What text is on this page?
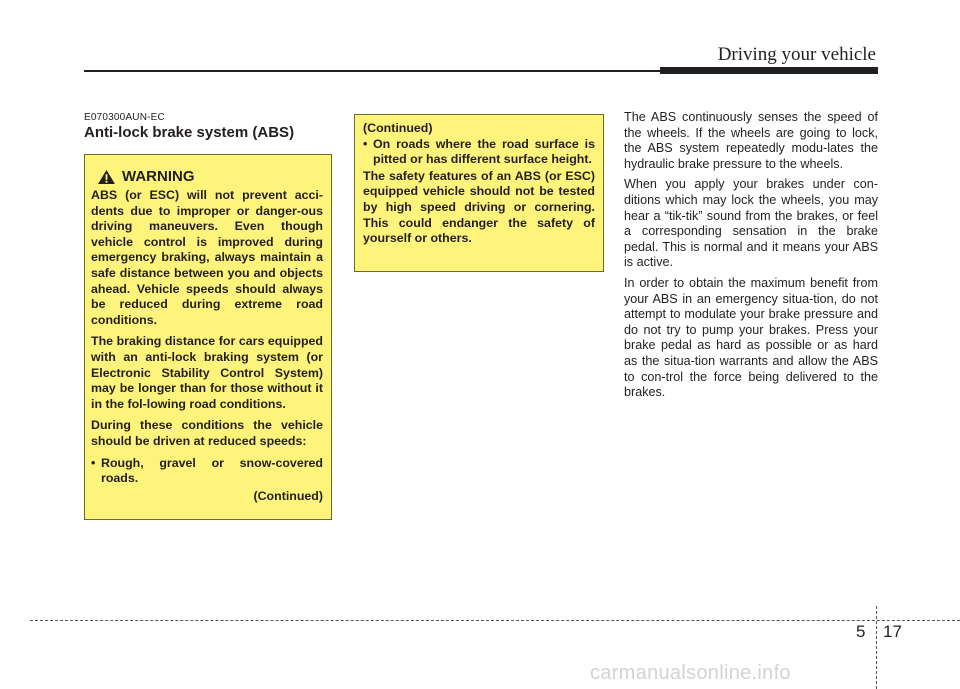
Driving your vehicle
E070300AUN-EC
Anti-lock brake system (ABS)
WARNING

ABS (or ESC) will not prevent acci-dents due to improper or danger-ous driving maneuvers. Even though vehicle control is improved during emergency braking, always maintain a safe distance between you and objects ahead. Vehicle speeds should always be reduced during extreme road conditions.

The braking distance for cars equipped with an anti-lock braking system (or Electronic Stability Control System) may be longer than for those without it in the fol-lowing road conditions.

During these conditions the vehicle should be driven at reduced speeds:

• Rough, gravel or snow-covered roads.
(Continued)
(Continued)
• On roads where the road surface is pitted or has different surface height.

The safety features of an ABS (or ESC) equipped vehicle should not be tested by high speed driving or cornering. This could endanger the safety of yourself or others.

The ABS continuously senses the speed of the wheels. If the wheels are going to lock, the ABS system repeatedly modu-lates the hydraulic brake pressure to the wheels.

When you apply your brakes under con-ditions which may lock the wheels, you may hear a “tik-tik” sound from the brakes, or feel a corresponding sensation in the brake pedal. This is normal and it means your ABS is active.

In order to obtain the maximum benefit from your ABS in an emergency situa-tion, do not attempt to modulate your brake pressure and do not try to pump your brakes. Press your brake pedal as hard as possible or as hard as the situa-tion warrants and allow the ABS to con-trol the force being delivered to the brakes.

5 17
carmanualsonline.info
